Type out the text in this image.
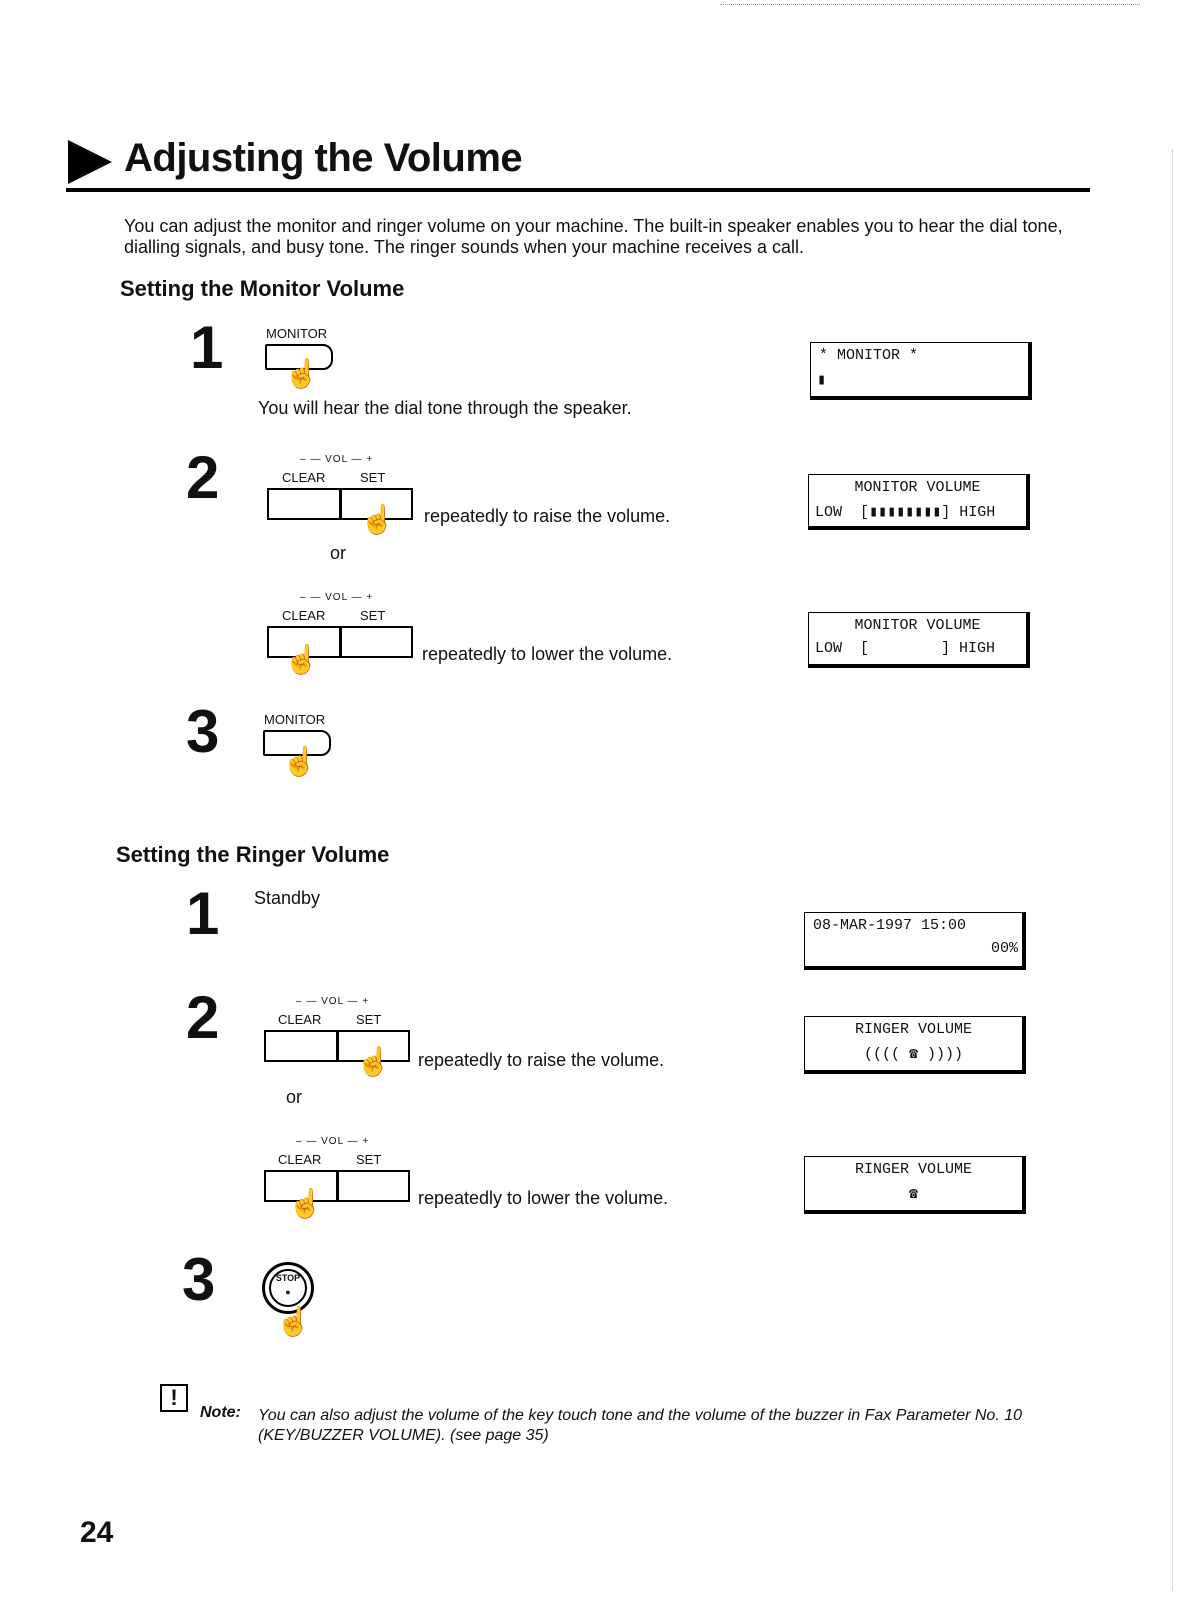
Adjusting the Volume
You can adjust the monitor and ringer volume on your machine. The built-in speaker enables you to hear the dial tone, dialling signals, and busy tone. The ringer sounds when your machine receives a call.
Setting the Monitor Volume
1	MONITOR
☝
You will hear the dial tone through the speaker.
* MONITOR *
▮
2	– — VOL — +
CLEAR	SET
☝ repeatedly to raise the volume.
or
MONITOR VOLUME
LOW  [▮▮▮▮▮▮▮▮] HIGH
– — VOL — +
CLEAR	SET
☝	repeatedly to lower the volume.
MONITOR VOLUME
LOW  [        ] HIGH
3	MONITOR
☝
Setting the Ringer Volume
1 Standby
08-MAR-1997 15:00
00%
2	– — VOL — +
CLEAR	SET
☝ repeatedly to raise the volume.
or
RINGER VOLUME
(((( ☎ ))))
– — VOL — +
CLEAR	SET
☝	repeatedly to lower the volume.
RINGER VOLUME
☎
3	STOP
●
☝
!
Note: You can also adjust the volume of the key touch tone and the volume of the buzzer in Fax Parameter No. 10 (KEY/BUZZER VOLUME). (see page 35)
24
